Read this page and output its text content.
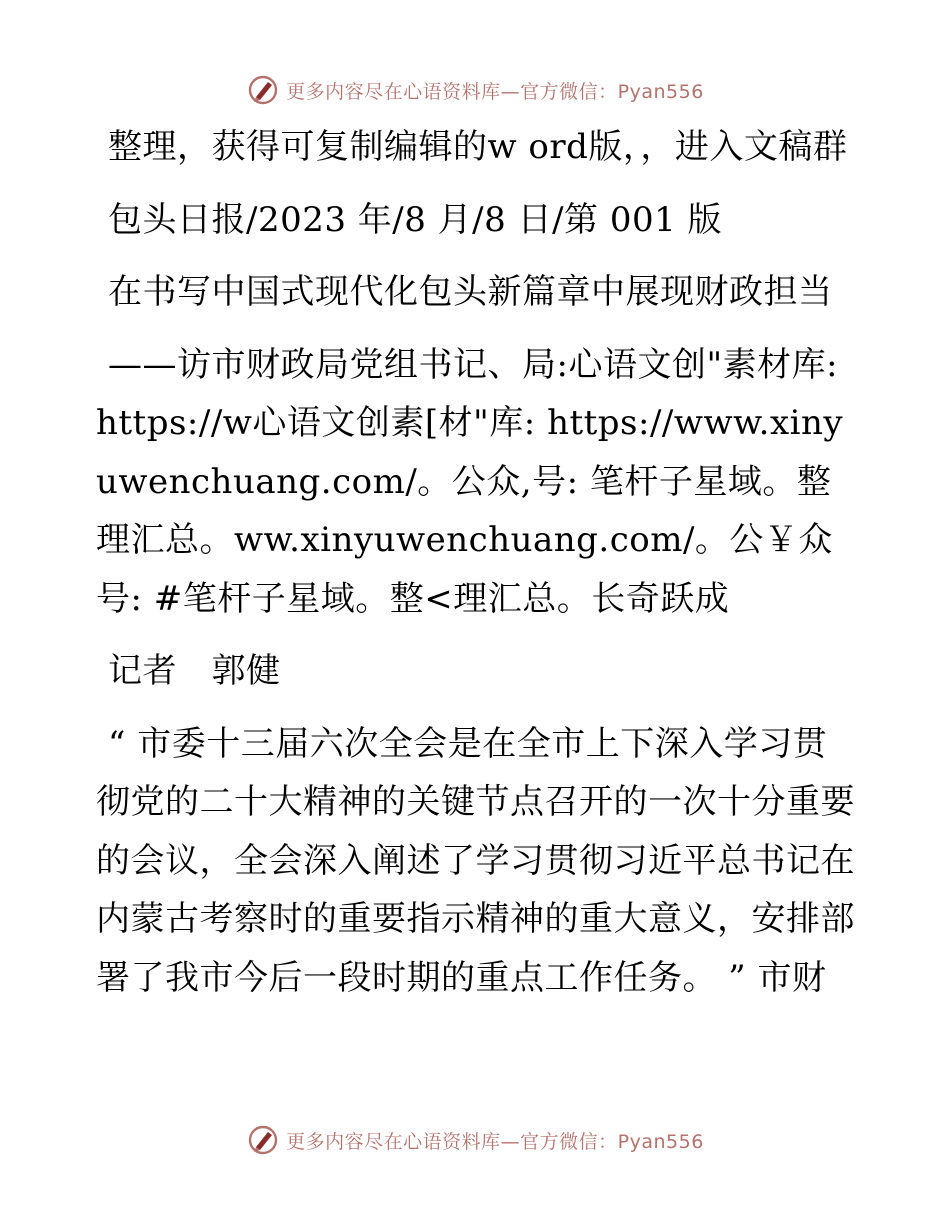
更多内容尽在心语资料库—官方微信：Pyan556

整理，获得可复制编辑的w ord版，，进入文稿群

包头日报/2023 年/8 月/8 日/第 001 版

在书写中国式现代化包头新篇章中展现财政担当

——访市财政局党组书记、局:心语文创"素材库: https://w心语文创素[材"库: https://www.xinyuwenchuang.com/。公众,号: 笔杆子星域。整理汇总。ww.xinyuwenchuang.com/。公￥众号: #笔杆子星域。整<理汇总。长奇跃成

记者　郭健

“ 市委十三届六次全会是在全市上下深入学习贯彻党的二十大精神的关键节点召开的一次十分重要的会议，全会深入阐述了学习贯彻习近平总书记在内蒙古考察时的重要指示精神的重大意义，安排部署了我市今后一段时期的重点工作任务。 ” 市财

更多内容尽在心语资料库—官方微信：Pyan556
